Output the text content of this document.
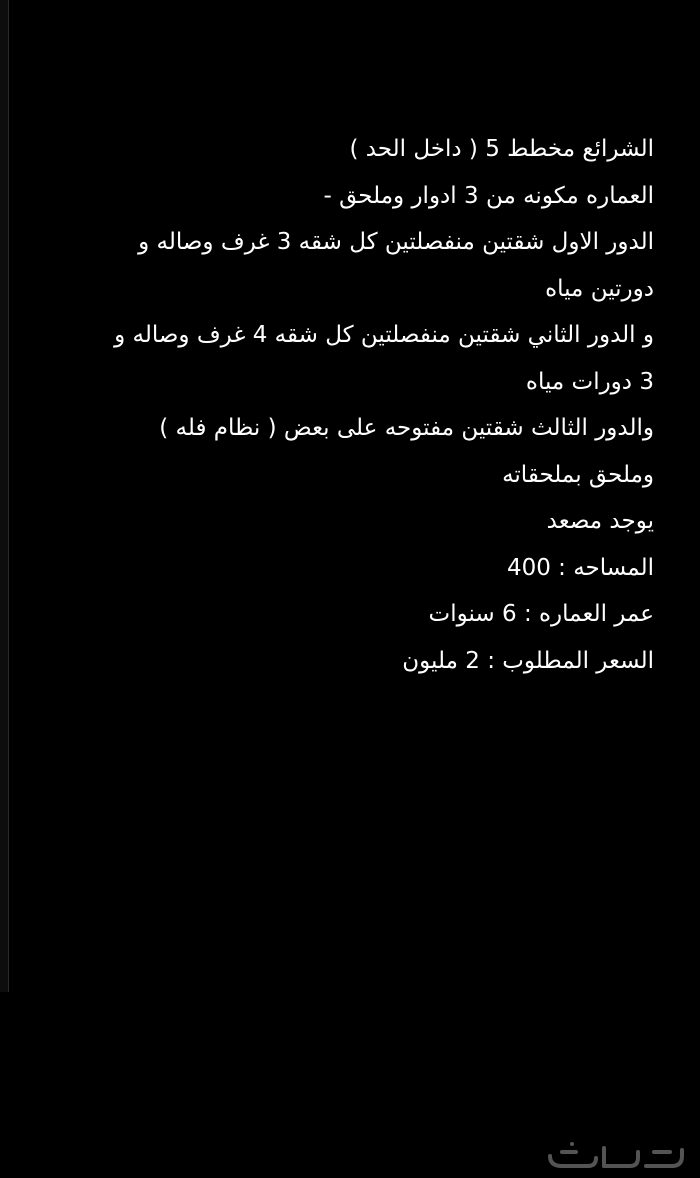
الشرائع مخطط 5 ( داخل الحد )
العماره مكونه من 3 ادوار وملحق -
الدور الاول شقتين منفصلتين كل شقه 3 غرف وصاله و
دورتين مياه
و الدور الثاني شقتين منفصلتين كل شقه 4 غرف وصاله و
3 دورات مياه
والدور الثالث شقتين مفتوحه على بعض ( نظام فله )
وملحق بملحقاته
يوجد مصعد
المساحه : 400
عمر العماره : 6 سنوات
السعر المطلوب : 2 مليون
